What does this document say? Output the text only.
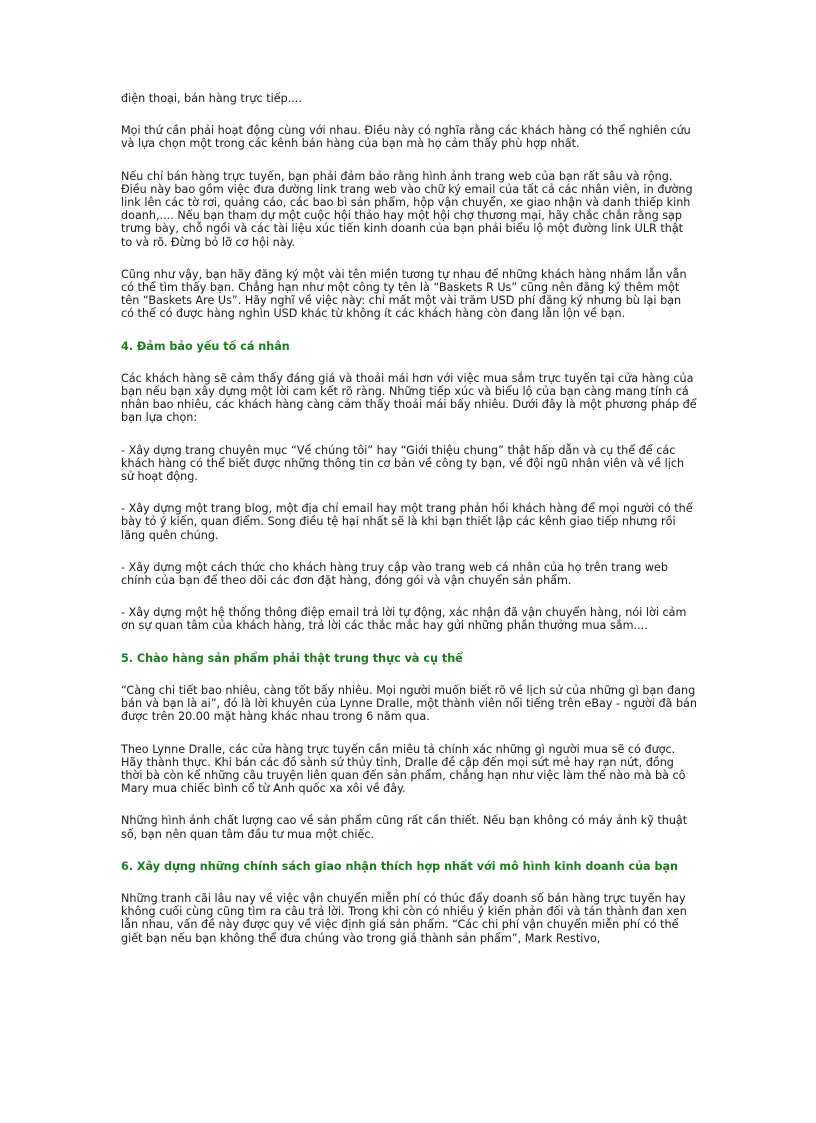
điện thoại, bán hàng trực tiếp....

Mọi thứ cần phải hoạt động cùng với nhau. Điều này có nghĩa rằng các khách hàng có thể nghiên cứu và lựa chọn một trong các kênh bán hàng của bạn mà họ cảm thấy phù hợp nhất.

Nếu chỉ bán hàng trực tuyến, bạn phải đảm bảo rằng hình ảnh trang web của bạn rất sâu và rộng. Điều này bao gồm việc đưa đường link trang web vào chữ ký email của tất cả các nhân viên, in đường link lên các tờ rơi, quảng cáo, các bao bì sản phẩm, hộp vận chuyển, xe giao nhận và danh thiếp kinh doanh,.... Nếu bạn tham dự một cuộc hội thảo hay một hội chợ thương mại, hãy chắc chắn rằng sạp trưng bày, chỗ ngồi và các tài liệu xúc tiến kinh doanh của bạn phải biểu lộ một đường link ULR thật to và rõ. Đừng bỏ lỡ cơ hội này.

Cũng như vậy, bạn hãy đăng ký một vài tên miền tương tự nhau để những khách hàng nhầm lẫn vẫn có thể tìm thấy bạn. Chẳng hạn như một công ty tên là “Baskets R Us” cũng nên đăng ký thêm một tên “Baskets Are Us”. Hãy nghĩ về việc này: chỉ mất một vài trăm USD phí đăng ký nhưng bù lại bạn có thể có được hàng nghìn USD khác từ không ít các khách hàng còn đang lẫn lộn về bạn.

4. Đảm bảo yếu tố cá nhân

Các khách hàng sẽ cảm thấy đáng giá và thoải mái hơn với việc mua sắm trực tuyến tại cửa hàng của bạn nếu bạn xây dựng một lời cam kết rõ ràng. Những tiếp xúc và biểu lộ của bạn càng mang tính cá nhân bao nhiêu, các khách hàng càng cảm thấy thoải mái bấy nhiêu. Dưới đây là một phương pháp để bạn lựa chọn:

- Xây dựng trang chuyên mục “Về chúng tôi” hay “Giới thiệu chung” thật hấp dẫn và cụ thể để các khách hàng có thể biết được những thông tin cơ bản về công ty bạn, về đội ngũ nhân viên và về lịch sử hoạt động.

- Xây dựng một trang blog, một địa chỉ email hay một trang phản hồi khách hàng để mọi người có thể bày tỏ ý kiến, quan điểm. Song điều tệ hại nhất sẽ là khi bạn thiết lập các kênh giao tiếp nhưng rồi lãng quên chúng.

- Xây dựng một cách thức cho khách hàng truy cập vào trang web cá nhân của họ trên trang web chính của bạn để theo dõi các đơn đặt hàng, đóng gói và vận chuyển sản phẩm.

- Xây dựng một hệ thống thông điệp email trả lời tự động, xác nhận đã vận chuyển hàng, nói lời cảm ơn sự quan tâm của khách hàng, trả lời các thắc mắc hay gửi những phần thưởng mua sắm....

5. Chào hàng sản phẩm phải thật trung thực và cụ thể

“Càng chi tiết bao nhiêu, càng tốt bấy nhiêu. Mọi người muốn biết rõ về lịch sử của những gì bạn đang bán và bạn là ai”, đó là lời khuyên của Lynne Dralle, một thành viên nổi tiếng trên eBay - người đã bán được trên 20.00 mặt hàng khác nhau trong 6 năm qua.

Theo Lynne Dralle, các cửa hàng trực tuyến cần miêu tả chính xác những gì người mua sẽ có được. Hãy thành thực. Khi bán các đồ sành sứ thủy tinh, Dralle đề cập đến mọi sứt mẻ hay rạn nứt, đồng thời bà còn kể những câu truyện liên quan đến sản phẩm, chẳng hạn như việc làm thế nào mà bà cô Mary mua chiếc bình cổ từ Anh quốc xa xôi về đây.

Những hình ảnh chất lượng cao về sản phẩm cũng rất cần thiết. Nếu bạn không có máy ảnh kỹ thuật số, bạn nên quan tâm đầu tư mua một chiếc.

6. Xây dựng những chính sách giao nhận thích hợp nhất với mô hình kinh doanh của bạn

Những tranh cãi lâu nay về việc vận chuyển miễn phí có thúc đẩy doanh số bán hàng trực tuyến hay không cuối cùng cũng tìm ra câu trả lời. Trong khi còn có nhiều ý kiến phản đối và tán thành đan xen lẫn nhau, vấn đề này được quy về việc định giá sản phẩm. “Các chi phí vận chuyển miễn phí có thể giết bạn nếu bạn không thể đưa chúng vào trong giá thành sản phẩm”, Mark Restivo,
